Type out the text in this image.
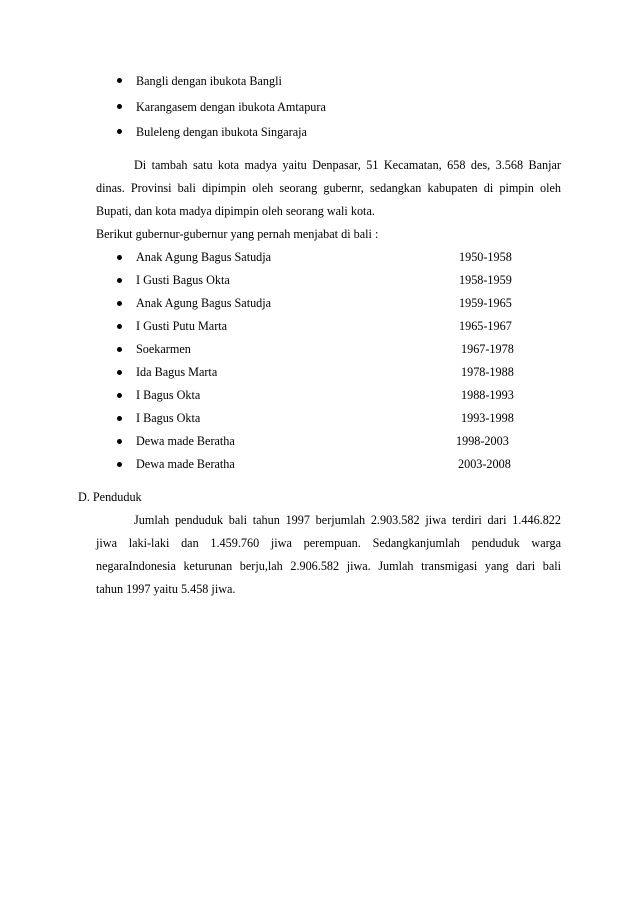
Bangli dengan ibukota Bangli
Karangasem dengan ibukota Amtapura
Buleleng dengan ibukota Singaraja
Di tambah satu kota madya yaitu Denpasar, 51 Kecamatan, 658 des, 3.568 Banjar
dinas. Provinsi bali dipimpin oleh seorang gubernr, sedangkan kabupaten di pimpin oleh
Bupati, dan kota madya dipimpin oleh seorang wali kota.
Berikut gubernur-gubernur yang pernah menjabat di bali :
Anak Agung Bagus Satudja	1950-1958
I Gusti Bagus Okta	1958-1959
Anak Agung Bagus Satudja	1959-1965
I Gusti Putu Marta	1965-1967
Soekarmen	1967-1978
Ida Bagus Marta	1978-1988
I Bagus Okta	1988-1993
I Bagus Okta	1993-1998
Dewa made Beratha	1998-2003
Dewa made Beratha	2003-2008
D. Penduduk
Jumlah penduduk bali tahun 1997 berjumlah 2.903.582 jiwa terdiri dari 1.446.822
jiwa laki-laki dan 1.459.760 jiwa perempuan. Sedangkanjumlah penduduk warga
negaraIndonesia keturunan berju,lah 2.906.582 jiwa. Jumlah transmigasi yang dari bali
tahun 1997 yaitu 5.458 jiwa.
